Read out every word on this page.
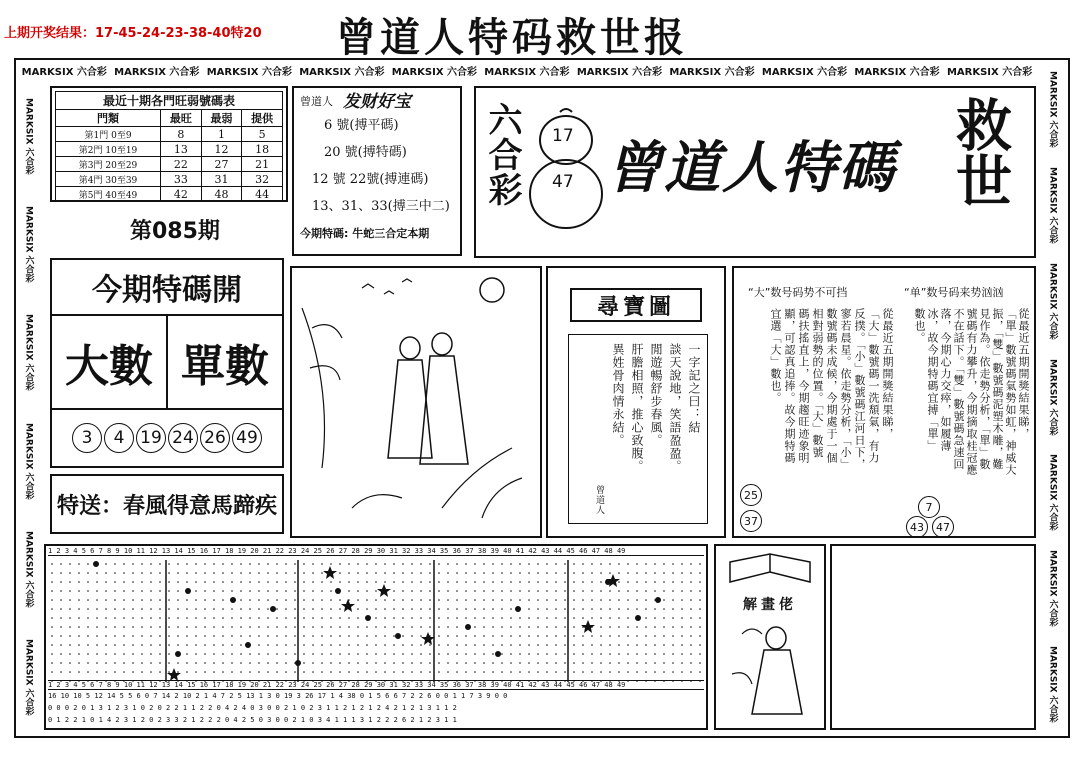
上期开奖结果：17-45-24-23-38-40特20 曾道人特码救世报
MARKSIX 六合彩 MARKSIX 六合彩 MARKSIX 六合彩 MARKSIX 六合彩 MARKSIX 六合彩 MARKSIX 六合彩 MARKSIX 六合彩 MARKSIX 六合彩 MARKSIX 六合彩 MARKSIX 六合彩 MARKSIX 六合彩
MARKSIX 六合彩
MARKSIX 六合彩
MARKSIX 六合彩
MARKSIX 六合彩
MARKSIX 六合彩
MARKSIX 六合彩
MARKSIX 六合彩
MARKSIX 六合彩
MARKSIX 六合彩
MARKSIX 六合彩
MARKSIX 六合彩
MARKSIX 六合彩
MARKSIX 六合彩
最近十期各門旺弱號碼表			
門類	最旺	最弱	提供
第1門 0至9	8	1	5
第2門 10至19	13	12	18
第3門 20至29	22	27	21
第4門 30至39	33	31	32
第5門 40至49	42	48	44
第085期
曾道人 发财好宝
6 號(搏平碼)
20 號(搏特碼)
12 號 22號(搏連碼)
13、31、33(搏三中二)
今期特碼: 牛蛇三合定本期
六合彩 17
47 曾道人特碼 救世
今期特碼開
大數 單數
3	4 19 24 26 49
特送：春風得意馬蹄疾
尋寶圖
一字記之曰：結
談天說地，笑語盈盈。
閒遊暢舒步春風。
肝膽相照，推心致腹。
異姓骨肉情永結。
曾道人
“大”数号码势不可挡	“单”数号码来势汹汹
從最近五期開獎結果睇，
「單」數號碼氣勢如虹，神威大
振，「雙」數號碼泥塑木雕，難
見作為。依走勢分析，「單」數
號碼有力攀升，今期摘取桂冠應
不在話下。「雙」數號碼急速回
落，今期心力交瘁，如履薄
冰，故今期特碼宜搏「單」
數也。
從最近五期開獎結果睇，
「大」數號碼一洗頹氣，有力
反撲。「小」數號碼江河日下，
寥若晨星。依走勢分析，「小」
數號碼未成候，今期處于一個
相對弱勢的位置。「大」數號
碼扶搖直上，今期趨旺迹象明
顯，可認真追捧。故今期特碼
宜選「大」數也。
25
37
7
43	47
1 2 3 4 5 6 7 8 9 10 11 12 13 14 15 16 17 18 19 20 21 22 23 24 25 26 27 28 29 30 31 32 33 34 35 36 37 38 39 40 41 42 43 44 45 46 47 48 49
1 2 3 4 5 6 7 8 9 10 11 12 13 14 15 16 17 18 19 20 21 22 23 24 25 26 27 28 29 30 31 32 33 34 35 36 37 38 39 40 41 42 43 44 45 46 47 48 49
16 10 10 5 12 14 5 5 6 0 7 14 2 10 2 1 4 7 2 5 13 1 3 0 19 3 26 17 1 4 38 0 1 5 6 6 7 2 2 6 0 0 1 1 7 3 9 0 0
0 0 0 2 0 1 3 1 2 3 1 0 2 0 2 2 1 1 2 2 0 4 2 4 0 3 0 0 2 1 0 2 3 1 1 2 1 2 1 2 4 2 1 2 1 3 1 1 2
0 1 2 2 1 0 1 4 2 3 1 2 0 2 3 3 2 1 2 2 2 0 4 2 5 0 3 0 0 2 1 0 3 4 1 1 1 3 1 2 2 2 6 2 1 2 3 1 1
解畫佬
